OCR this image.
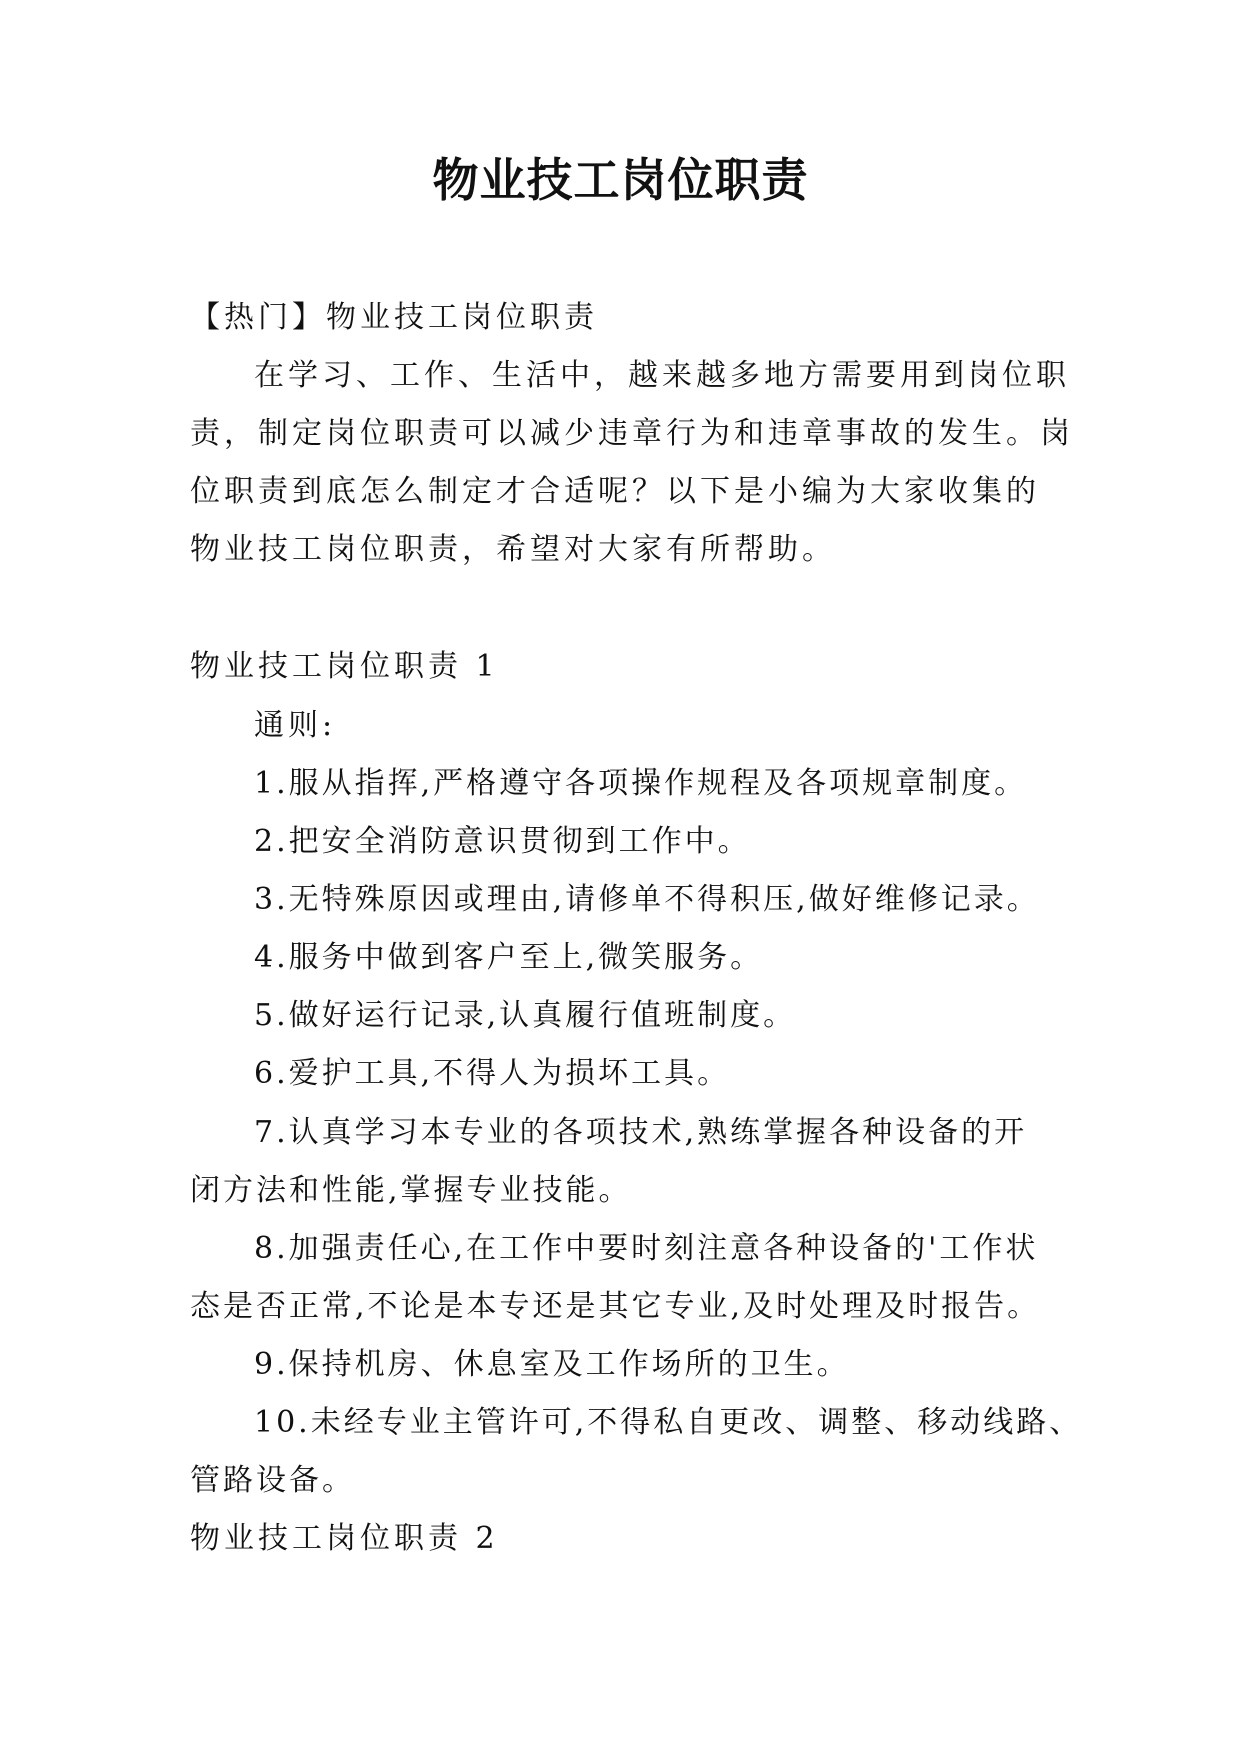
物业技工岗位职责
【热门】物业技工岗位职责
在学习、工作、生活中，越来越多地方需要用到岗位职
责，制定岗位职责可以减少违章行为和违章事故的发生。岗
位职责到底怎么制定才合适呢？以下是小编为大家收集的
物业技工岗位职责，希望对大家有所帮助。
物业技工岗位职责 1
通则:
1.服从指挥,严格遵守各项操作规程及各项规章制度。
2.把安全消防意识贯彻到工作中。
3.无特殊原因或理由,请修单不得积压,做好维修记录。
4.服务中做到客户至上,微笑服务。
5.做好运行记录,认真履行值班制度。
6.爱护工具,不得人为损坏工具。
7.认真学习本专业的各项技术,熟练掌握各种设备的开
闭方法和性能,掌握专业技能。
8.加强责任心,在工作中要时刻注意各种设备的'工作状
态是否正常,不论是本专还是其它专业,及时处理及时报告。
9.保持机房、休息室及工作场所的卫生。
10.未经专业主管许可,不得私自更改、调整、移动线路、
管路设备。
物业技工岗位职责 2
